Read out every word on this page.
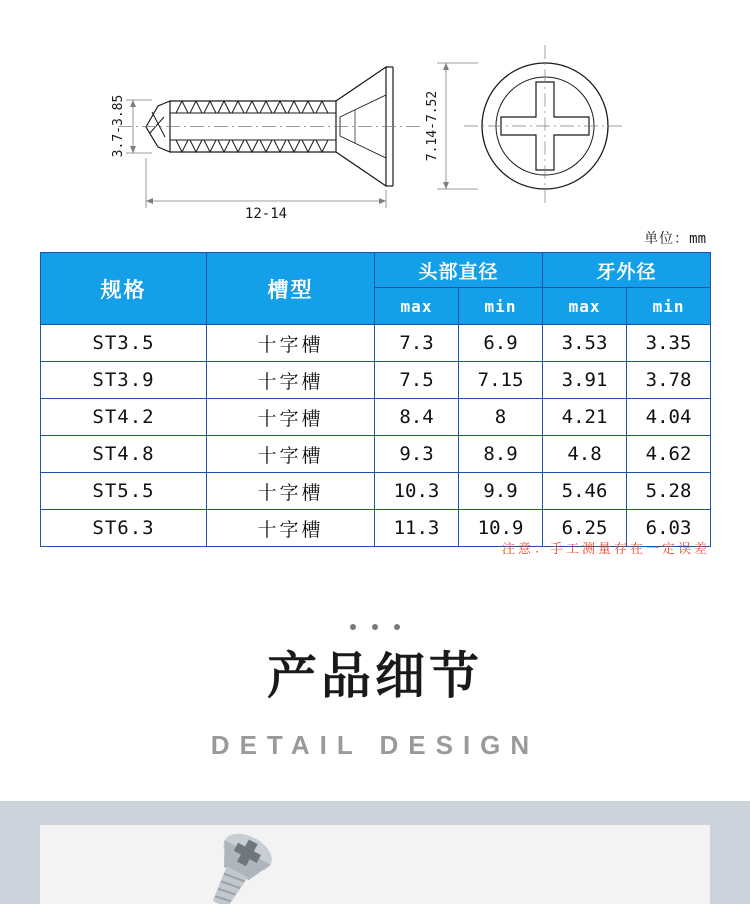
3.7-3.85
12-14
7.14-7.52
单位：mm
规格	槽型	头部直径		牙外径	
		max	min	max	min
ST3.5	十字槽	7.3	6.9	3.53	3.35
ST3.9	十字槽	7.5	7.15	3.91	3.78
ST4.2	十字槽	8.4	8	4.21	4.04
ST4.8	十字槽	9.3	8.9	4.8	4.62
ST5.5	十字槽	10.3	9.9	5.46	5.28
ST6.3	十字槽	11.3	10.9	6.25	6.03
注意：手工测量存在一定误差

产品细节
DETAIL DESIGN
